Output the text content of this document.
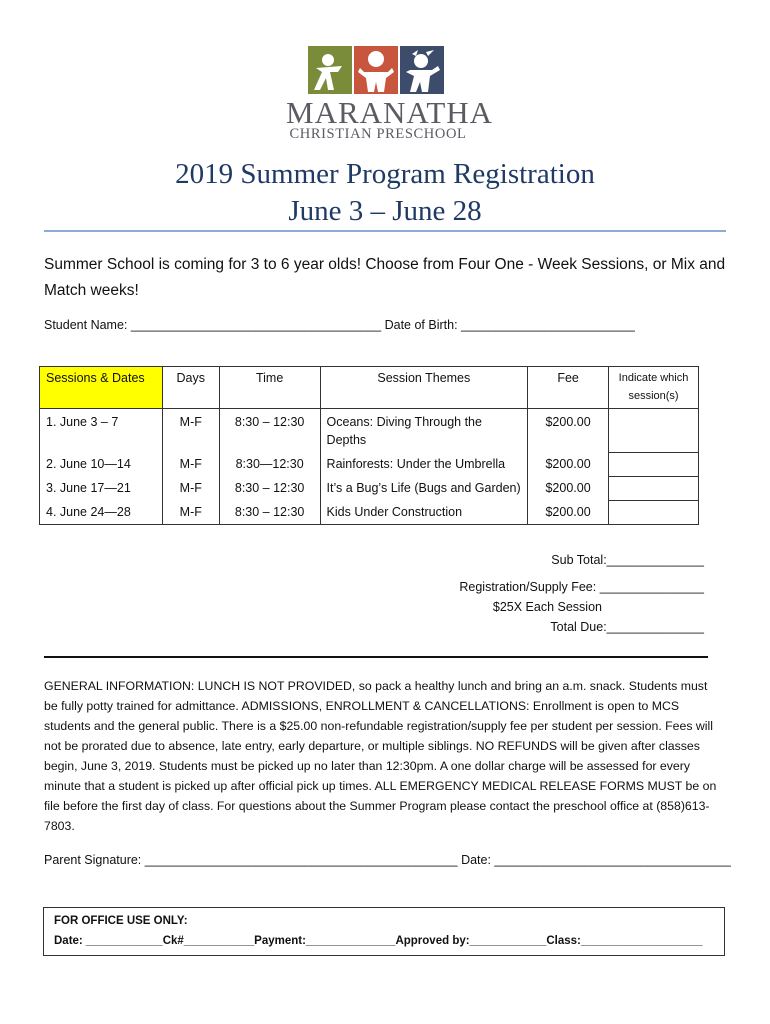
MARANATHA
CHRISTIAN PRESCHOOL
2019 Summer Program Registration
June 3 – June 28
Summer School is coming for 3 to 6 year olds! Choose from Four One - Week Sessions, or Mix and Match weeks!
Student Name: ____________________________________ Date of Birth: _________________________
Sessions & Dates	Days	Time	Session Themes	Fee	Indicate which session(s)
1. June 3 – 7	M-F	8:30 – 12:30	Oceans: Diving Through the Depths	$200.00	
2. June 10—14	M-F	8:30—12:30	Rainforests: Under the Umbrella	$200.00	
3. June 17—21	M-F	8:30 – 12:30	It’s a Bug’s Life (Bugs and Garden)	$200.00	
4. June 24—28	M-F	8:30 – 12:30	Kids Under Construction	$200.00	
Sub Total:______________
Registration/Supply Fee: _______________
$25X Each Session
Total Due:______________
GENERAL INFORMATION: LUNCH IS NOT PROVIDED, so pack a healthy lunch and bring an a.m. snack. Students must be fully potty trained for admittance. ADMISSIONS, ENROLLMENT & CANCELLATIONS: Enrollment is open to MCS students and the general public. There is a $25.00 non-refundable registration/supply fee per student per session. Fees will not be prorated due to absence, late entry, early departure, or multiple siblings. NO REFUNDS will be given after classes begin, June 3, 2019. Students must be picked up no later than 12:30pm. A one dollar charge will be assessed for every minute that a student is picked up after official pick up times. ALL EMERGENCY MEDICAL RELEASE FORMS MUST be on file before the first day of class. For questions about the Summer Program please contact the preschool office at (858)613-7803.
Parent Signature: _____________________________________________ Date: __________________________________
FOR OFFICE USE ONLY:
Date: ____________Ck#___________Payment:______________Approved by:____________Class:___________________
